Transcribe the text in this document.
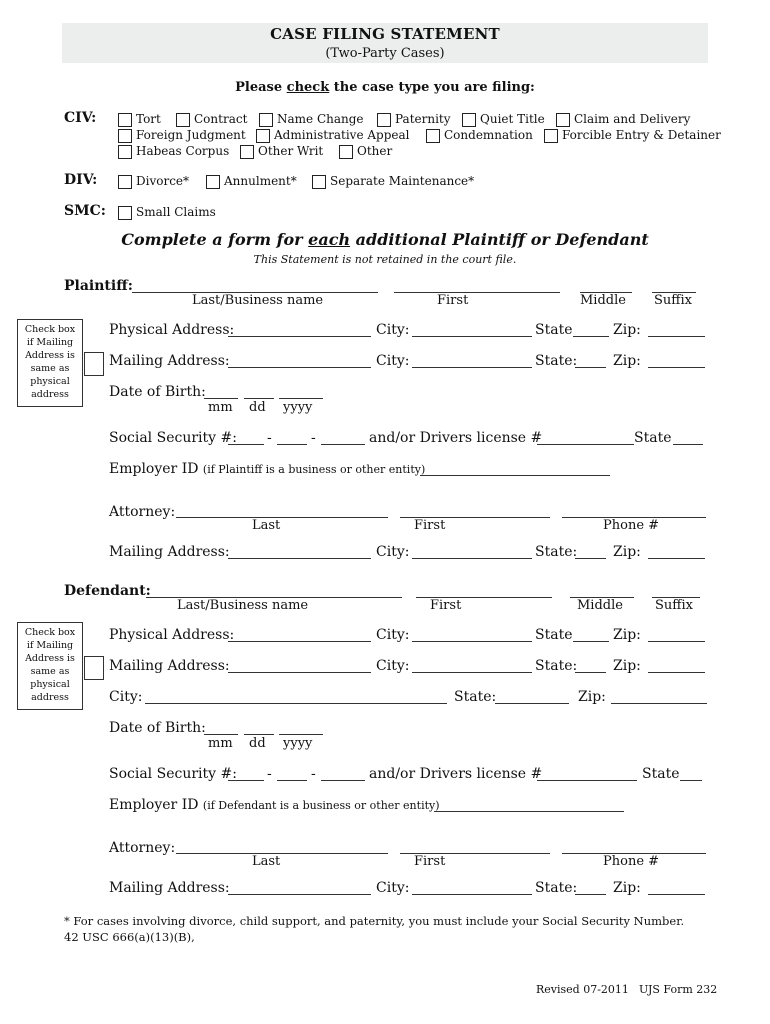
CASE FILING STATEMENT
(Two-Party Cases)
Please check the case type you are filing:
CIV:	Tort	Contract Name Change	Paternity Quiet Title Claim and Delivery
Foreign Judgment Administrative Appeal	Condemnation Forcible Entry & Detainer
Habeas Corpus Other Writ	Other
DIV:	Divorce*	Annulment*	Separate Maintenance*
SMC:	Small Claims
Complete a form for each additional Plaintiff or Defendant
This Statement is not retained in the court file.
Plaintiff:
Last/Business name	First	Middle Suffix
Check box
if Mailing
Address is
same as
physical
address
Physical Address:	City:	State	Zip:
Mailing Address:	City:	State:	Zip:
Date of Birth:
mm dd yyyy
Social Security #: -	-	and/or Drivers license #	State
Employer ID (if Plaintiff is a business or other entity)
Attorney:
Last	First	Phone #
Mailing Address:	City:	State:	Zip:
Defendant:
Last/Business name	First	Middle Suffix
Check box
if Mailing
Address is
same as
physical
address
Physical Address:	City:	State	Zip:
Mailing Address:	City:	State:	Zip:
City:	State:	Zip:
Date of Birth:
mm dd yyyy
Social Security #: -	-	and/or Drivers license #	State
Employer ID (if Defendant is a business or other entity)
Attorney:
Last	First	Phone #
Mailing Address:	City:	State:	Zip:
* For cases involving divorce, child support, and paternity, you must include your Social Security Number.
42 USC 666(a)(13)(B),
Revised 07-2011 UJS Form 232
